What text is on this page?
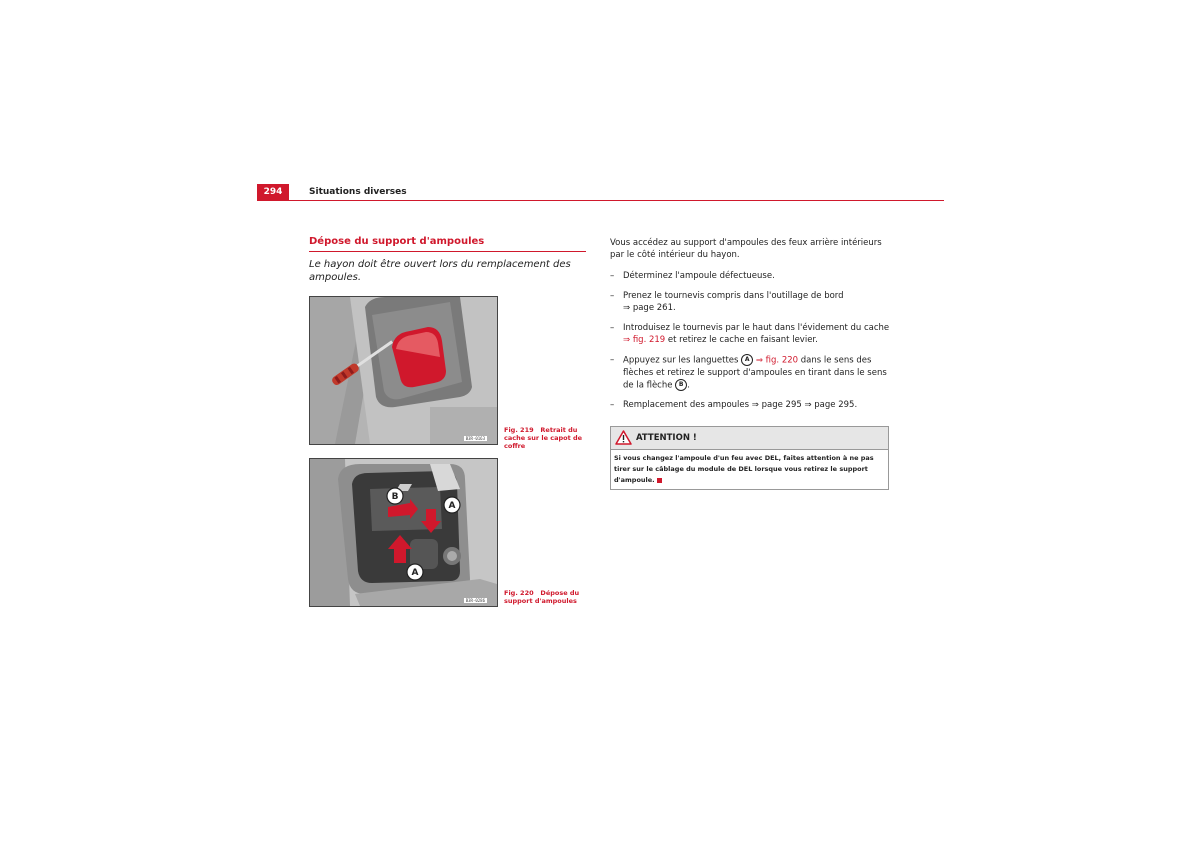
294	Situations diverses
Dépose du support d'ampoules
Le hayon doit être ouvert lors du remplacement des ampoules.
B3R-0163
Fig. 219 Retrait du cache sur le capot de coffre
B
A
A
B3R-0286
Fig. 220 Dépose du support d'ampoules
Vous accédez au support d'ampoules des feux arrière intérieurs par le côté intérieur du hayon.
– Déterminez l'ampoule défectueuse.
– Prenez le tournevis compris dans l'outillage de bord
⇒ page 261.
– Introduisez le tournevis par le haut dans l'évidement du cache ⇒ fig. 219 et retirez le cache en faisant levier.
– Appuyez sur les languettes A ⇒ fig. 220 dans le sens des flèches et retirez le support d'ampoules en tirant dans le sens de la flèche B .
– Remplacement des ampoules ⇒ page 295 ⇒ page 295.
ATTENTION !
Si vous changez l'ampoule d'un feu avec DEL, faites attention à ne pas tirer sur le câblage du module de DEL lorsque vous retirez le support d'ampoule.
